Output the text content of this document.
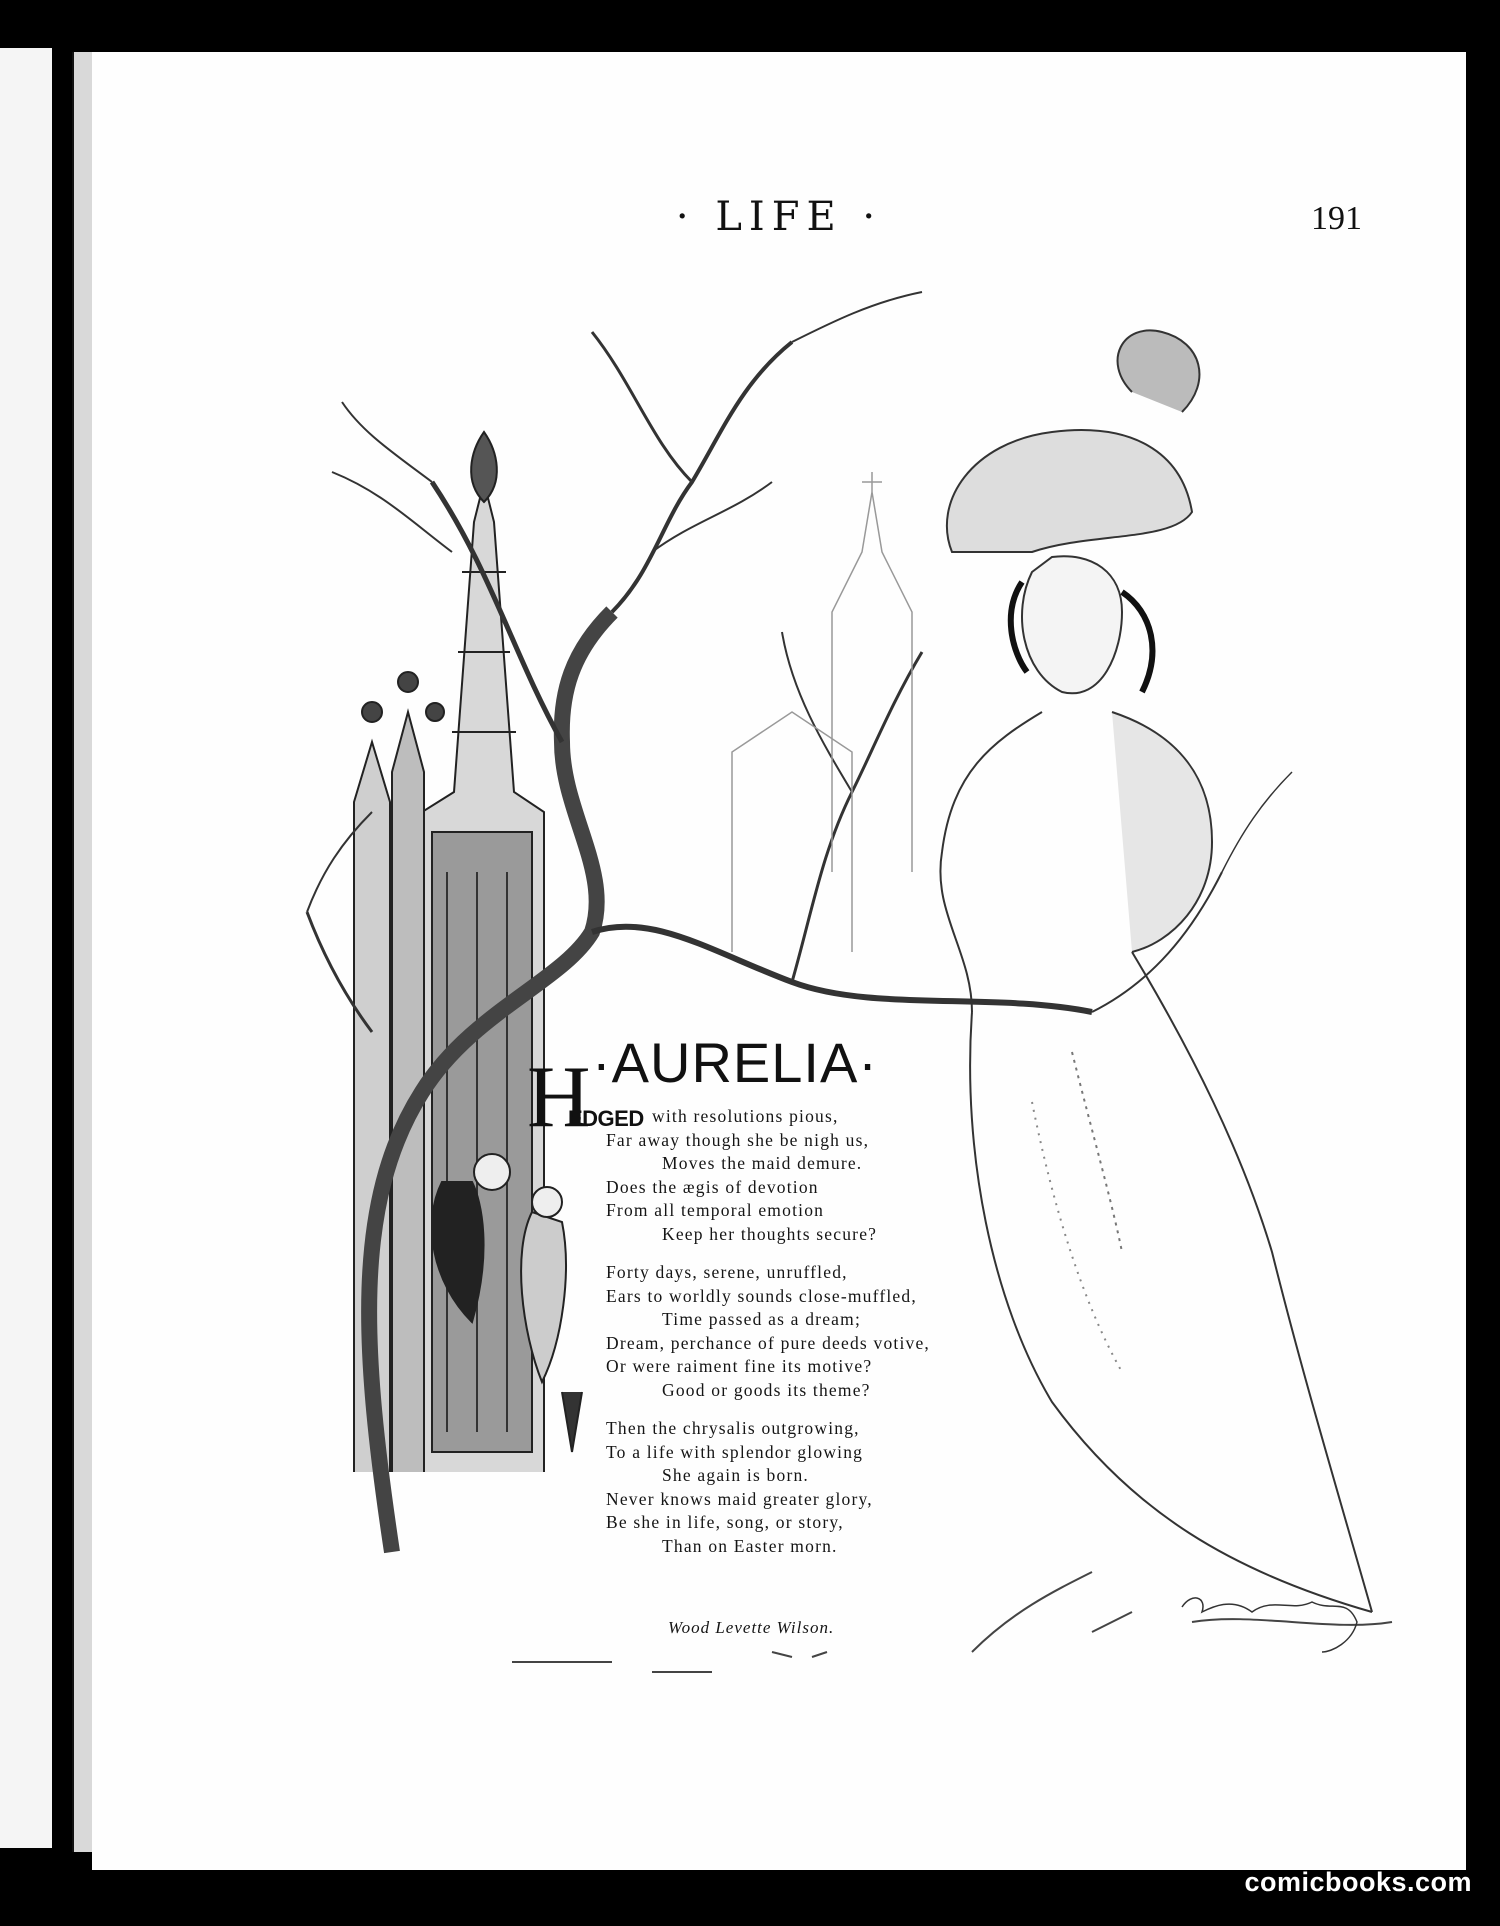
· LIFE ·	191
·AURELIA·
H
EDGED with resolutions pious,
Far away though she be nigh us,
Moves the maid demure.
Does the ægis of devotion
From all temporal emotion
Keep her thoughts secure?
Forty days, serene, unruffled,
Ears to worldly sounds close-muffled,
Time passed as a dream;
Dream, perchance of pure deeds votive,
Or were raiment fine its motive?
Good or goods its theme?
Then the chrysalis outgrowing,
To a life with splendor glowing
She again is born.
Never knows maid greater glory,
Be she in life, song, or story,
Than on Easter morn.
Wood Levette Wilson.
comicbooks.com
